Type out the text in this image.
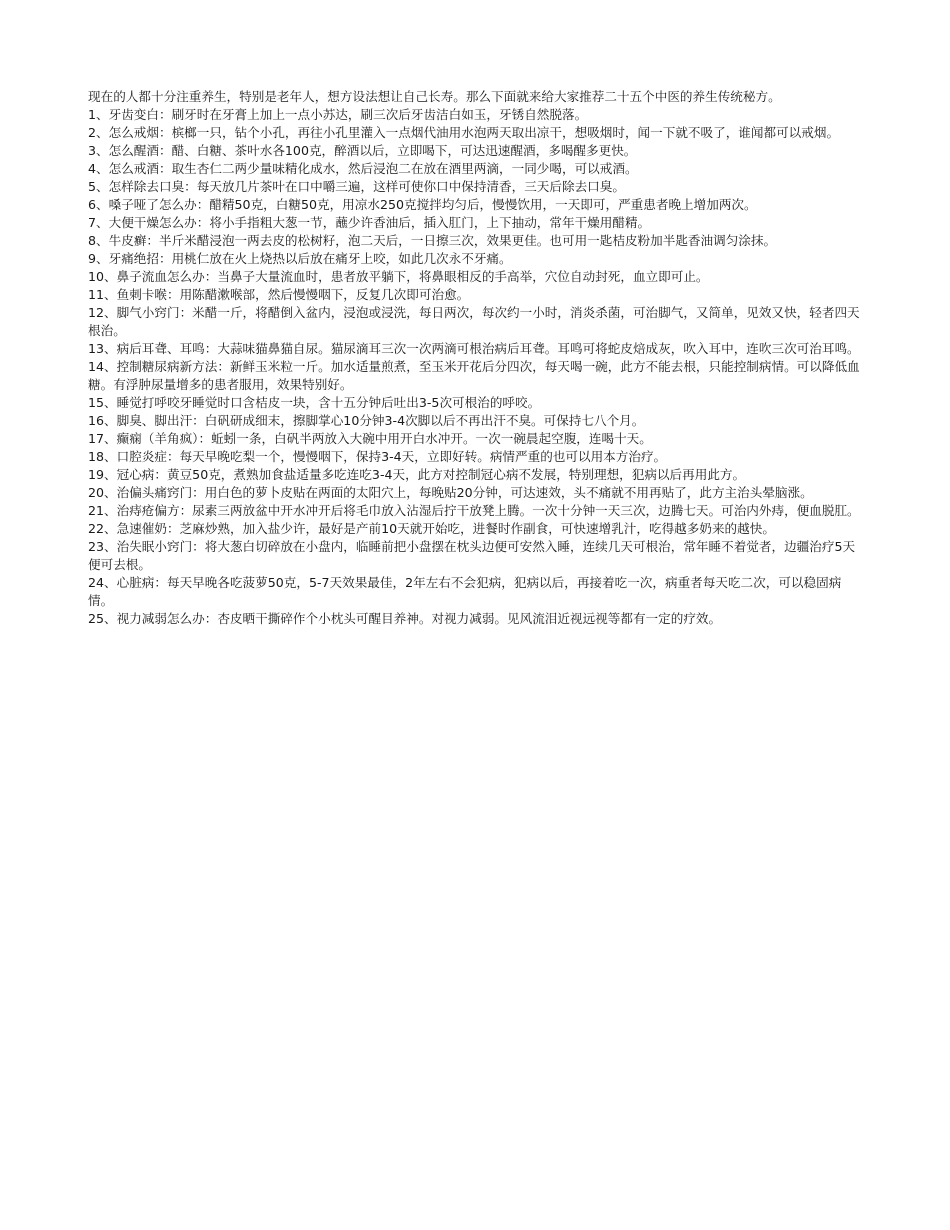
现在的人都十分注重养生，特别是老年人，想方设法想让自己长寿。那么下面就来给大家推荐二十五个中医的养生传统秘方。

1、牙齿变白：刷牙时在牙膏上加上一点小苏达，刷三次后牙齿洁白如玉，牙锈自然脱落。

2、怎么戒烟：槟榔一只，钻个小孔，再往小孔里灌入一点烟代油用水泡两天取出凉干，想吸烟时，闻一下就不吸了，谁闻都可以戒烟。

3、怎么醒酒：醋、白糖、茶叶水各100克，醉酒以后，立即喝下，可达迅速醒酒，多喝醒多更快。

4、怎么戒酒：取生杏仁二两少量味精化成水，然后浸泡二在放在酒里两滴，一同少喝，可以戒酒。

5、怎样除去口臭：每天放几片茶叶在口中嚼三遍，这样可使你口中保持清香，三天后除去口臭。

6、嗓子哑了怎么办：醋精50克，白糖50克，用凉水250克搅拌均匀后，慢慢饮用，一天即可，严重患者晚上增加两次。

7、大便干燥怎么办：将小手指粗大葱一节，蘸少许香油后，插入肛门，上下抽动，常年干燥用醋精。

8、牛皮癣：半斤米醋浸泡一两去皮的松树籽，泡二天后，一日擦三次，效果更佳。也可用一匙桔皮粉加半匙香油调匀涂抹。

9、牙痛绝招：用桃仁放在火上烧热以后放在痛牙上咬，如此几次永不牙痛。

10、鼻子流血怎么办：当鼻子大量流血时，患者放平躺下，将鼻眼相反的手高举，穴位自动封死，血立即可止。

11、鱼刺卡喉：用陈醋漱喉部，然后慢慢咽下，反复几次即可治愈。

12、脚气小窍门：米醋一斤，将醋倒入盆内，浸泡或浸洗，每日两次，每次约一小时，消炎杀菌，可治脚气，又简单，见效又快，轻者四天根治。

13、病后耳聋、耳鸣：大蒜味猫鼻猫自尿。猫尿滴耳三次一次两滴可根治病后耳聋。耳鸣可将蛇皮焙成灰，吹入耳中，连吹三次可治耳鸣。

14、控制糖尿病新方法：新鲜玉米粒一斤。加水适量煎煮，至玉米开花后分四次，每天喝一碗，此方不能去根，只能控制病情。可以降低血糖。有浮肿尿量增多的患者服用，效果特别好。

15、睡觉打呼咬牙睡觉时口含桔皮一块，含十五分钟后吐出3-5次可根治的呼咬。

16、脚臭、脚出汗：白矾研成细末，擦脚掌心10分钟3-4次脚以后不再出汗不臭。可保持七八个月。

17、癫痫（羊角疯）：蚯蚓一条，白矾半两放入大碗中用开白水冲开。一次一碗晨起空腹，连喝十天。

18、口腔炎症：每天早晚吃梨一个，慢慢咽下，保持3-4天，立即好转。病情严重的也可以用本方治疗。

19、冠心病：黄豆50克，煮熟加食盐适量多吃连吃3-4天，此方对控制冠心病不发展，特别理想，犯病以后再用此方。

20、治偏头痛窍门：用白色的萝卜皮贴在两面的太阳穴上，每晚贴20分钟，可达速效，头不痛就不用再贴了，此方主治头晕脑涨。

21、治痔疮偏方：尿素三两放盆中开水冲开后将毛巾放入沾湿后拧干放凳上腾。一次十分钟一天三次，边腾七天。可治内外痔，便血脱肛。

22、急速催奶：芝麻炒熟，加入盐少许，最好是产前10天就开始吃，进餐时作副食，可快速增乳汁，吃得越多奶来的越快。

23、治失眠小窍门：将大葱白切碎放在小盘内，临睡前把小盘摆在枕头边便可安然入睡，连续几天可根治，常年睡不着觉者，边疆治疗5天便可去根。

24、心脏病：每天早晚各吃菠萝50克，5-7天效果最佳，2年左右不会犯病，犯病以后，再接着吃一次，病重者每天吃二次，可以稳固病情。

25、视力减弱怎么办：杏皮晒干撕碎作个小枕头可醒目养神。对视力减弱。见风流泪近视远视等都有一定的疗效。
